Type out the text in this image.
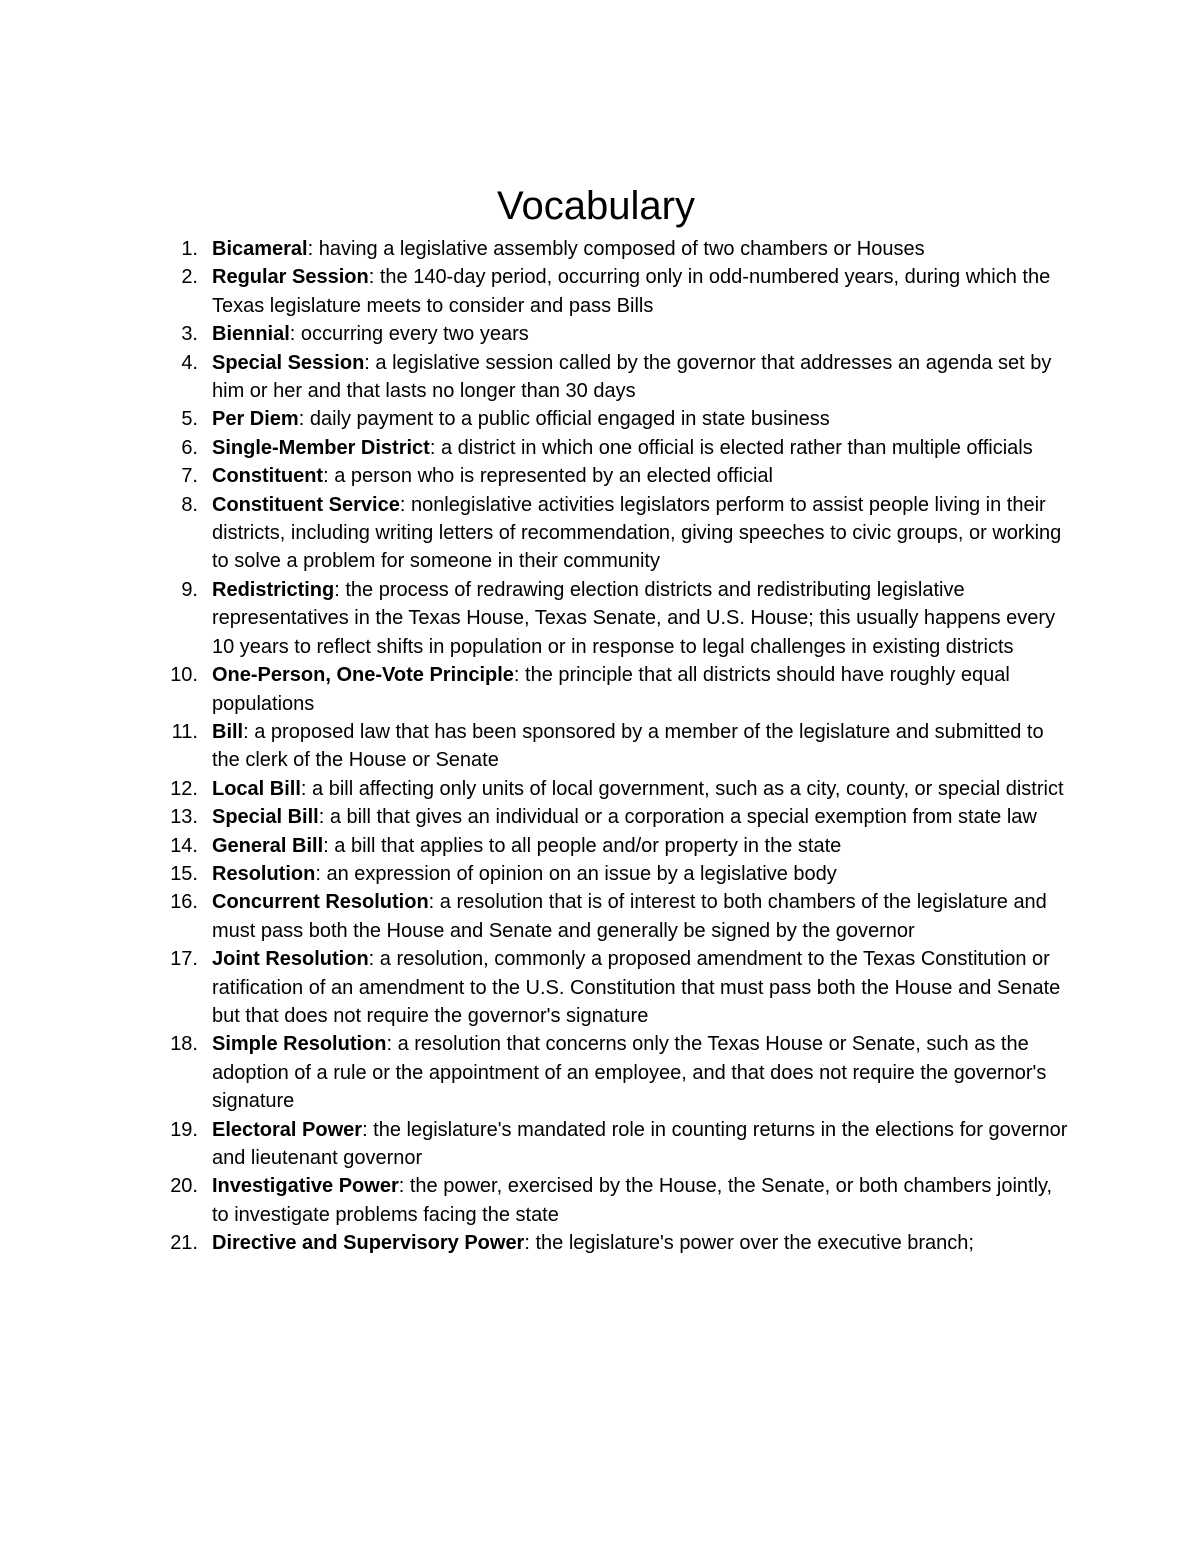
Vocabulary
1. Bicameral: having a legislative assembly composed of two chambers or Houses
2. Regular Session: the 140-day period, occurring only in odd-numbered years, during which the Texas legislature meets to consider and pass Bills
3. Biennial: occurring every two years
4. Special Session: a legislative session called by the governor that addresses an agenda set by him or her and that lasts no longer than 30 days
5. Per Diem: daily payment to a public official engaged in state business
6. Single-Member District: a district in which one official is elected rather than multiple officials
7. Constituent: a person who is represented by an elected official
8. Constituent Service: nonlegislative activities legislators perform to assist people living in their districts, including writing letters of recommendation, giving speeches to civic groups, or working to solve a problem for someone in their community
9. Redistricting: the process of redrawing election districts and redistributing legislative representatives in the Texas House, Texas Senate, and U.S. House; this usually happens every 10 years to reflect shifts in population or in response to legal challenges in existing districts
10. One-Person, One-Vote Principle: the principle that all districts should have roughly equal populations
11. Bill: a proposed law that has been sponsored by a member of the legislature and submitted to the clerk of the House or Senate
12. Local Bill: a bill affecting only units of local government, such as a city, county, or special district
13. Special Bill: a bill that gives an individual or a corporation a special exemption from state law
14. General Bill: a bill that applies to all people and/or property in the state
15. Resolution: an expression of opinion on an issue by a legislative body
16. Concurrent Resolution: a resolution that is of interest to both chambers of the legislature and must pass both the House and Senate and generally be signed by the governor
17. Joint Resolution: a resolution, commonly a proposed amendment to the Texas Constitution or ratification of an amendment to the U.S. Constitution that must pass both the House and Senate but that does not require the governor's signature
18. Simple Resolution: a resolution that concerns only the Texas House or Senate, such as the adoption of a rule or the appointment of an employee, and that does not require the governor's signature
19. Electoral Power: the legislature's mandated role in counting returns in the elections for governor and lieutenant governor
20. Investigative Power: the power, exercised by the House, the Senate, or both chambers jointly, to investigate problems facing the state
21. Directive and Supervisory Power: the legislature's power over the executive branch;
